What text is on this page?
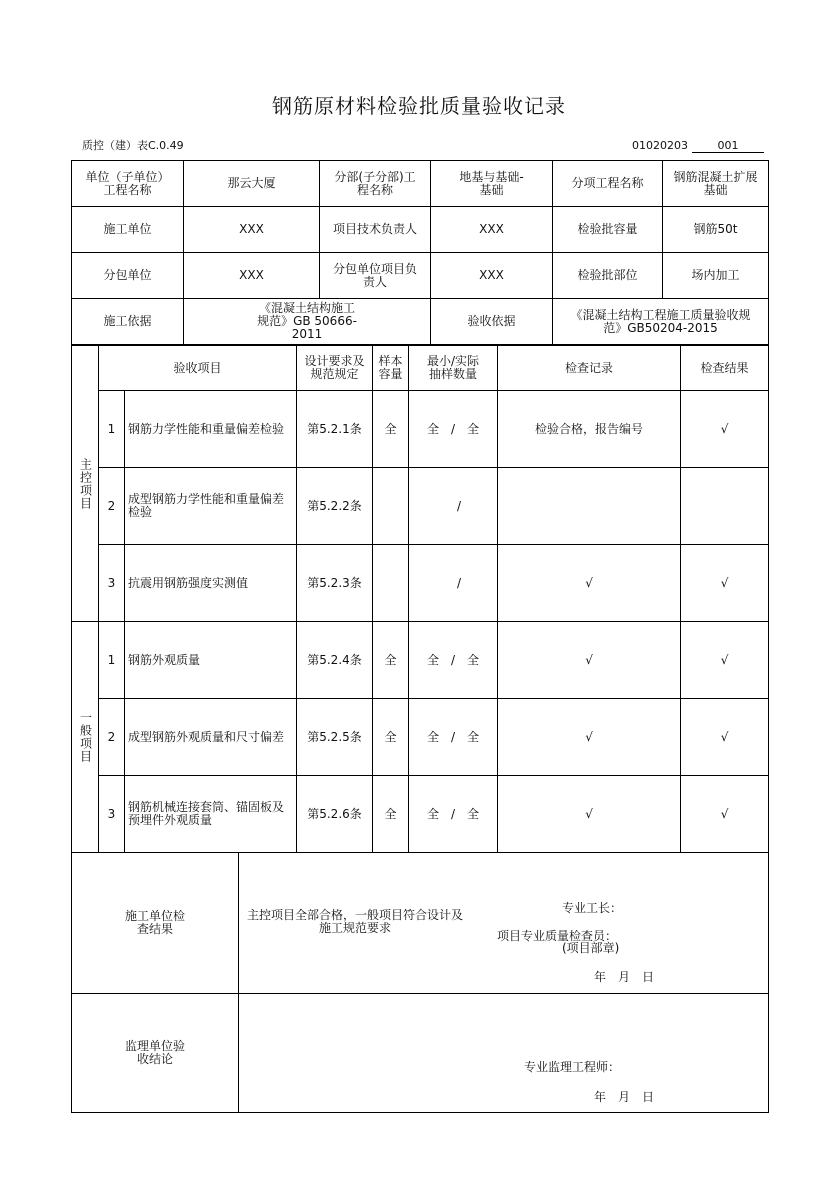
钢筋原材料检验批质量验收记录
质控（建）表C.0.49	01020203	001
单位（子单位）工程名称	那云大厦	分部(子分部)工程名称	地基与基础-基础	分项工程名称	钢筋混凝土扩展基础
施工单位	XXX	项目技术负责人	XXX	检验批容量	钢筋50t
分包单位	XXX	分包单位项目负责人	XXX	检验批部位	场内加工
施工依据	《混凝土结构施工规范》GB 50666-2011		验收依据	《混凝土结构工程施工质量验收规范》GB50204-2015	
主控项目	验收项目		设计要求及规范规定	样本容量	最小/实际抽样数量	检查记录	检查结果
	1	钢筋力学性能和重量偏差检验	第5.2.1条	全	全　 /　 全	检验合格，报告编号	√
	2	成型钢筋力学性能和重量偏差检验	第5.2.2条		　/　		
	3	抗震用钢筋强度实测值	第5.2.3条		　/　	√	√
一般项目	1	钢筋外观质量	第5.2.4条	全	全　 /　 全	√	√
	2	成型钢筋外观质量和尺寸偏差	第5.2.5条	全	全　 /　 全	√	√
	3	钢筋机械连接套筒、锚固板及预埋件外观质量	第5.2.6条	全	全　 /　 全	√	√
施工单位检查结果	主控项目全部合格，一般项目符合设计及施工规范要求
专业工长：
项目专业质量检查员：
(项目部章)
年　月　日

监理单位验收结论	专业监理工程师：
年　月　日
